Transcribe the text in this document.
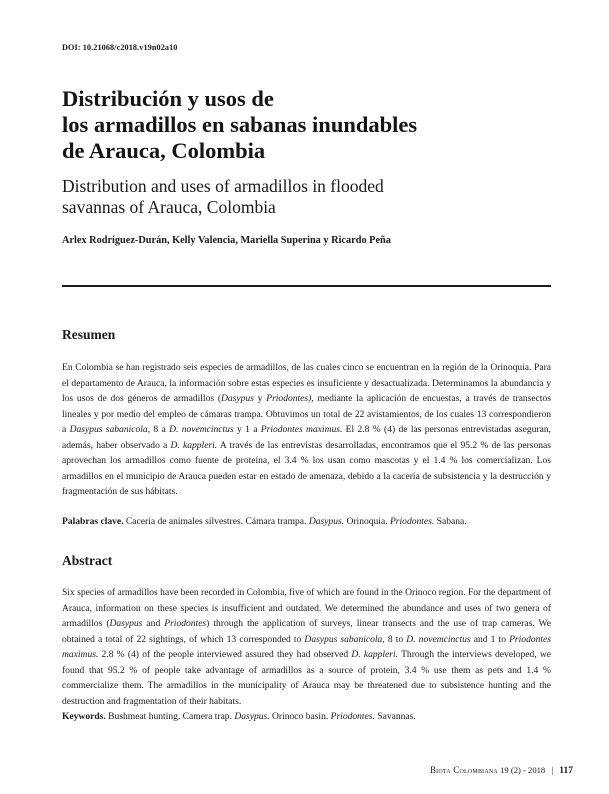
DOI: 10.21068/c2018.v19n02a10
Distribución y usos de
los armadillos en sabanas inundables
de Arauca, Colombia
Distribution and uses of armadillos in flooded
savannas of Arauca, Colombia
Arlex Rodríguez-Durán, Kelly Valencia, Mariella Superina y Ricardo Peña
Resumen

En Colombia se han registrado seis especies de armadillos, de las cuales cinco se encuentran en la región de la Orinoquia. Para el departamento de Arauca, la información sobre estas especies es insuficiente y desactualizada. Determinamos la abundancia y los usos de dos géneros de armadillos (Dasypus y Priodontes), mediante la aplicación de encuestas, a través de transectos lineales y por medio del empleo de cámaras trampa. Obtuvimos un total de 22 avistamientos, de los cuales 13 correspondieron a Dasypus sabanicola, 8 a D. novemcinctus y 1 a Priodontes maximus. El 2.8 % (4) de las personas entrevistadas aseguran, además, haber observado a D. kappleri. A través de las entrevistas desarrolladas, encontramos que el 95.2 % de las personas aprovechan los armadillos como fuente de proteína, el 3.4 % los usan como mascotas y el 1.4 % los comercializan. Los armadillos en el municipio de Arauca pueden estar en estado de amenaza, debido a la cacería de subsistencia y la destrucción y fragmentación de sus hábitats.

Palabras clave. Cacería de animales silvestres. Cámara trampa. Dasypus. Orinoquia. Priodontes. Sabana.

Abstract

Six species of armadillos have been recorded in Colombia, five of which are found in the Orinoco region. For the department of Arauca, information on these species is insufficient and outdated. We determined the abundance and uses of two genera of armadillos (Dasypus and Priodontes) through the application of surveys, linear transects and the use of trap cameras. We obtained a total of 22 sightings, of which 13 corresponded to Dasypus sabanicola, 8 to D. novemcinctus and 1 to Priodontes maximus. 2.8 % (4) of the people interviewed assured they had observed D. kappleri. Through the interviews developed, we found that 95.2 % of people take advantage of armadillos as a source of protein, 3.4 % use them as pets and 1.4 % commercialize them. The armadillos in the municipality of Arauca may be threatened due to subsistence hunting and the destruction and fragmentation of their habitats.

Keywords. Bushmeat hunting. Camera trap. Dasypus. Orinoco basin. Priodontes. Savannas.

Biota Colombiana 19 (2) - 2018 | 117
